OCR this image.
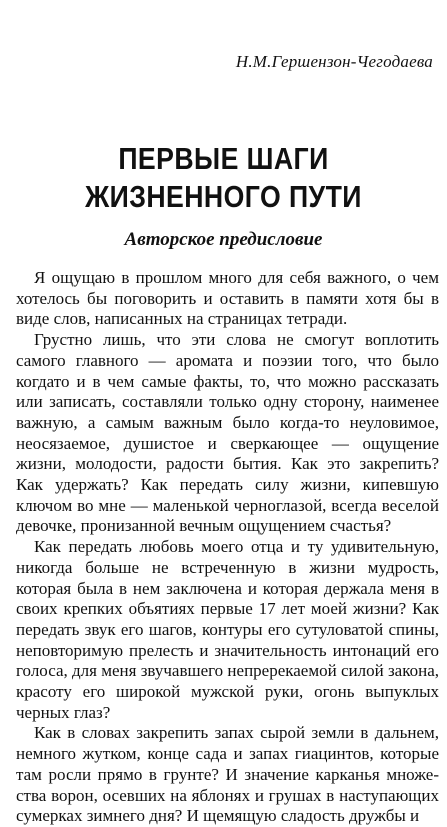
Н.М.Гершензон-Чегодаева
ПЕРВЫЕ ШАГИ
ЖИЗНЕННОГО ПУТИ
Авторское предисловие

Я ощущаю в прошлом много для себя важного, о чем хотелось бы поговорить и оставить в памяти хотя бы в виде слов, написанных на страницах тетради.

Грустно лишь, что эти слова не смогут воплотить самого главного — аромата и поэзии того, что было когдато и в чем самые факты, то, что можно рассказать или записать, составляли только одну сторону, наименее важную, а самым важным было когда-то неуловимое, неосязаемое, душистое и сверкающее — ощущение жизни, молодости, радости бытия. Как это закрепить? Как удержать? Как передать силу жизни, кипевшую ключом во мне — маленькой черноглазой, всегда веселой девочке, пронизанной вечным ощущением счастья?

Как передать любовь моего отца и ту удивительную, никогда больше не встреченную в жизни мудрость, которая была в нем заключена и которая держала меня в своих крепких объятиях первые 17 лет моей жизни? Как передать звук его шагов, контуры его сутуловатой спины, неповторимую прелесть и значительность интонаций его голоса, для меня звучавшего непререкаемой силой закона, красоту его широкой мужской руки, огонь выпуклых черных глаз?

Как в словах закрепить запах сырой земли в дальнем, немного жутком, конце сада и запах гиацинтов, которые там росли прямо в грунте? И значение карканья множества ворон, осевших на яблонях и грушах в наступающих сумерках зимнего дня? И щемящую сладость дружбы и
